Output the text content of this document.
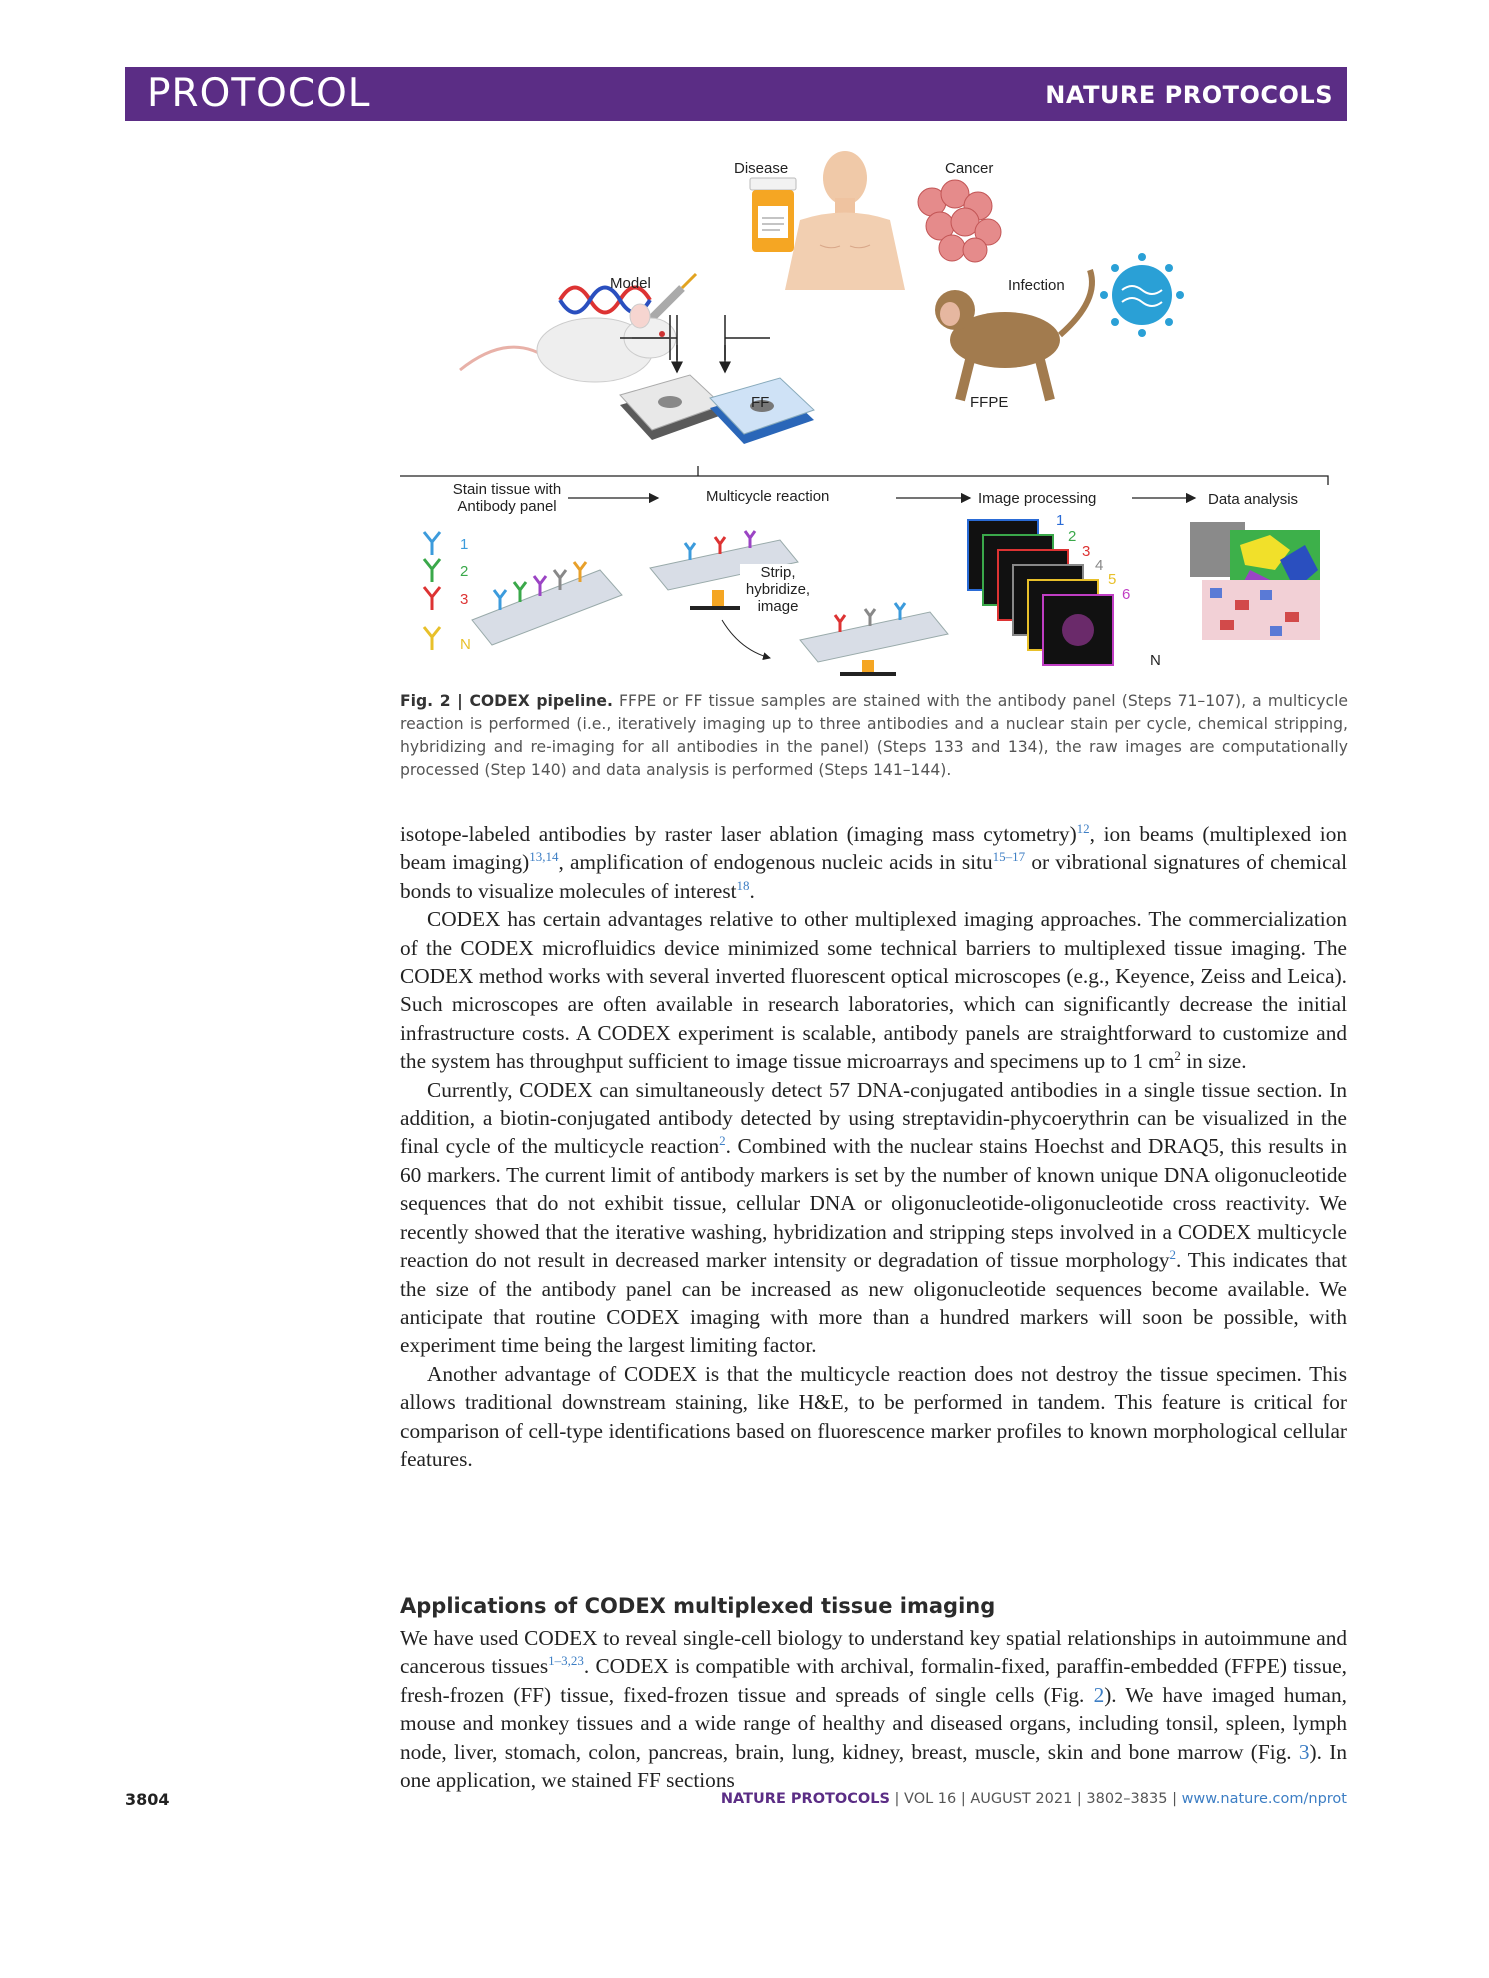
PROTOCOL	NATURE PROTOCOLS
Disease	Cancer
Model	Infection
FF	FFPE
Stain tissue with Antibody panel
Multicycle reaction	Image processing	Data analysis
Strip, hybridize, image
1
2
3
N
1
2
3
4
5
6
N
Fig. 2 | CODEX pipeline. FFPE or FF tissue samples are stained with the antibody panel (Steps 71–107), a multicycle reaction is performed (i.e., iteratively imaging up to three antibodies and a nuclear stain per cycle, chemical stripping, hybridizing and re-imaging for all antibodies in the panel) (Steps 133 and 134), the raw images are computationally processed (Step 140) and data analysis is performed (Steps 141–144).

isotope-labeled antibodies by raster laser ablation (imaging mass cytometry)$^{12}$, ion beams (multiplexed ion beam imaging)$^{13,14}$, amplification of endogenous nucleic acids in situ$^{15-17}$ or vibrational signatures of chemical bonds to visualize molecules of interest$^{18}$.

CODEX has certain advantages relative to other multiplexed imaging approaches. The commercialization of the CODEX microfluidics device minimized some technical barriers to multiplexed tissue imaging. The CODEX method works with several inverted fluorescent optical microscopes (e.g., Keyence, Zeiss and Leica). Such microscopes are often available in research laboratories, which can significantly decrease the initial infrastructure costs. A CODEX experiment is scalable, antibody panels are straightforward to customize and the system has throughput sufficient to image tissue microarrays and specimens up to 1 $cm^2$ in size.

Currently, CODEX can simultaneously detect 57 DNA-conjugated antibodies in a single tissue section. In addition, a biotin-conjugated antibody detected by using streptavidin-phycoerythrin can be visualized in the final cycle of the multicycle reaction$^2$. Combined with the nuclear stains Hoechst and DRAQ5, this results in 60 markers. The current limit of antibody markers is set by the number of known unique DNA oligonucleotide sequences that do not exhibit tissue, cellular DNA or oligonucleotide-oligonucleotide cross reactivity. We recently showed that the iterative washing, hybridization and stripping steps involved in a CODEX multicycle reaction do not result in decreased marker intensity or degradation of tissue morphology$^2$. This indicates that the size of the antibody panel can be increased as new oligonucleotide sequences become available. We anticipate that routine CODEX imaging with more than a hundred markers will soon be possible, with experiment time being the largest limiting factor.

Another advantage of CODEX is that the multicycle reaction does not destroy the tissue specimen. This allows traditional downstream staining, like H&E, to be performed in tandem. This feature is critical for comparison of cell-type identifications based on fluorescence marker profiles to known morphological cellular features.

Applications of CODEX multiplexed tissue imaging

We have used CODEX to reveal single-cell biology to understand key spatial relationships in autoimmune and cancerous tissues$^{1-3,23}$. CODEX is compatible with archival, formalin-fixed, paraffin-embedded (FFPE) tissue, fresh-frozen (FF) tissue, fixed-frozen tissue and spreads of single cells (Fig. 2). We have imaged human, mouse and monkey tissues and a wide range of healthy and diseased organs, including tonsil, spleen, lymph node, liver, stomach, colon, pancreas, brain, lung, kidney, breast, muscle, skin and bone marrow (Fig. 3). In one application, we stained FF sections

3804	NATURE PROTOCOLS | VOL 16 | AUGUST 2021 | 3802–3835 | www.nature.com/nprot
